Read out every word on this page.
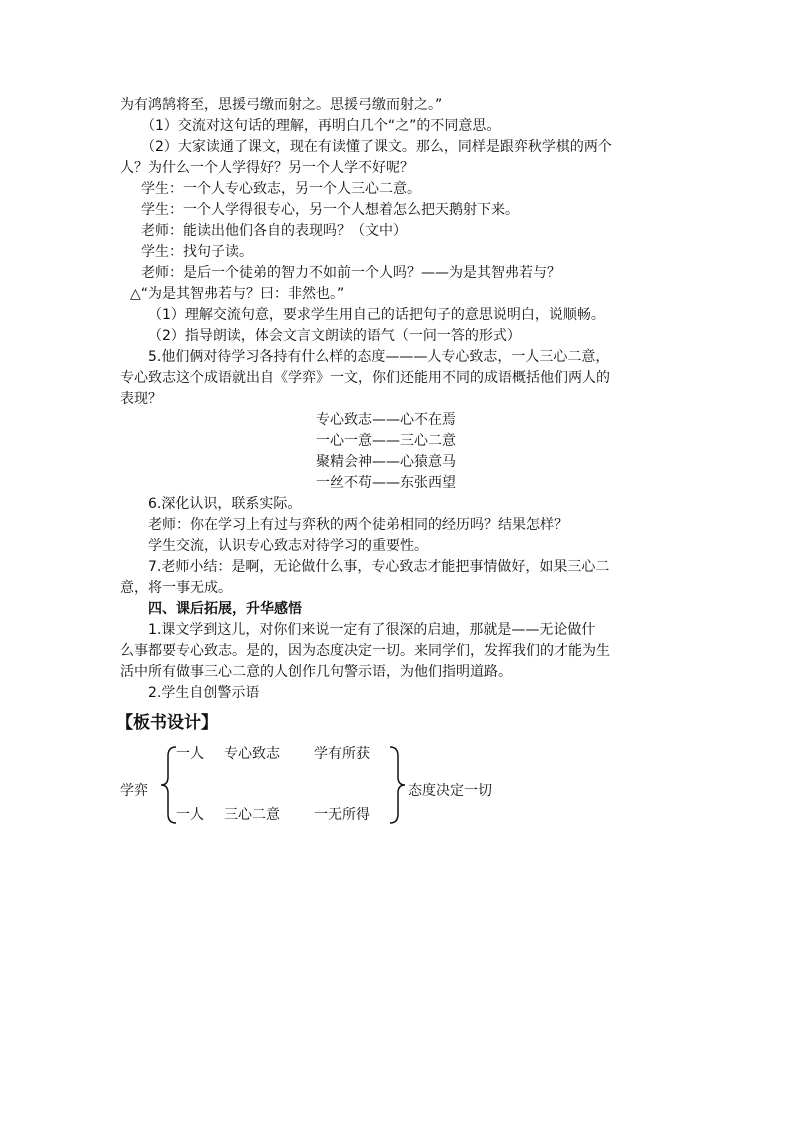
为有鸿鹄将至，思援弓缴而射之。思援弓缴而射之。”
（1）交流对这句话的理解，再明白几个“之”的不同意思。
（2）大家读通了课文，现在有读懂了课文。那么，同样是跟弈秋学棋的两个
人？为什么一个人学得好？另一个人学不好呢？
学生：一个人专心致志，另一个人三心二意。
学生：一个人学得很专心，另一个人想着怎么把天鹅射下来。
老师：能读出他们各自的表现吗？（文中）
学生：找句子读。
老师：是后一个徒弟的智力不如前一个人吗？——为是其智弗若与？
△“为是其智弗若与？曰：非然也。”
（1）理解交流句意，要求学生用自己的话把句子的意思说明白，说顺畅。
（2）指导朗读，体会文言文朗读的语气（一问一答的形式）
5.他们俩对待学习各持有什么样的态度———人专心致志，一人三心二意，
专心致志这个成语就出自《学弈》一文，你们还能用不同的成语概括他们两人的
表现？
专心致志——心不在焉
一心一意——三心二意
聚精会神——心猿意马
一丝不苟——东张西望
6.深化认识，联系实际。
老师：你在学习上有过与弈秋的两个徒弟相同的经历吗？结果怎样？
学生交流，认识专心致志对待学习的重要性。
7.老师小结：是啊，无论做什么事，专心致志才能把事情做好，如果三心二
意，将一事无成。
四、课后拓展，升华感悟
1.课文学到这儿，对你们来说一定有了很深的启迪，那就是——无论做什
么事都要专心致志。是的，因为态度决定一切。来同学们，发挥我们的才能为生
活中所有做事三心二意的人创作几句警示语，为他们指明道路。
2.学生自创警示语
【板书设计】
学弈
一人 专心致志 学有所获
一人 三心二意 一无所得
态度决定一切
